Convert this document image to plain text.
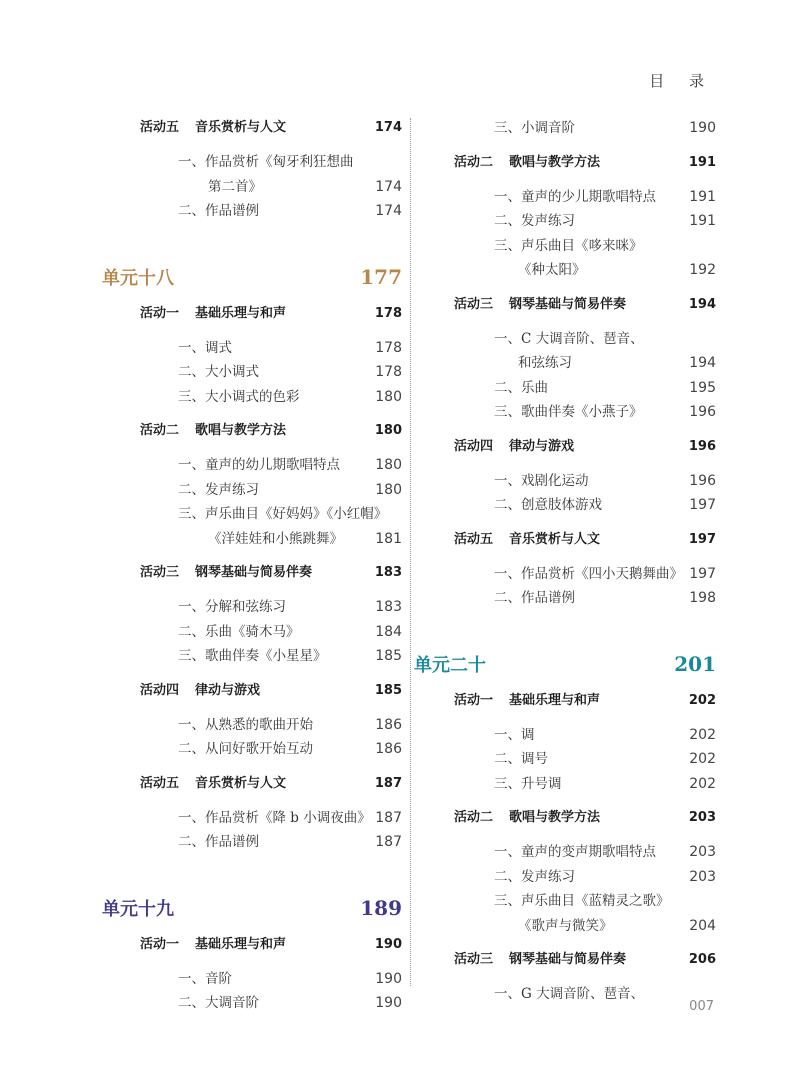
目 录
活动五 音乐赏析与人文	174
一、作品赏析《匈牙利狂想曲
第二首》	174
二、作品谱例	174
单元十八	177
活动一 基础乐理与和声	178
一、调式	178
二、大小调式	178
三、大小调式的色彩	180
活动二 歌唱与教学方法	180
一、童声的幼儿期歌唱特点	180
二、发声练习	180
三、声乐曲目《好妈妈》《小红帽》
《洋娃娃和小熊跳舞》 181
活动三 钢琴基础与简易伴奏	183
一、分解和弦练习	183
二、乐曲《骑木马》	184
三、歌曲伴奏《小星星》	185
活动四 律动与游戏	185
一、从熟悉的歌曲开始	186
二、从问好歌开始互动	186
活动五 音乐赏析与人文	187
一、作品赏析《降 b 小调夜曲》 187
二、作品谱例	187
单元十九	189
活动一 基础乐理与和声	190
一、音阶	190
二、大调音阶	190
三、小调音阶	190
活动二 歌唱与教学方法	191
一、童声的少儿期歌唱特点 191
二、发声练习	191
三、声乐曲目《哆来咪》
《种太阳》	192
活动三 钢琴基础与简易伴奏	194
一、C 大调音阶、琶音、
和弦练习	194
二、乐曲	195
三、歌曲伴奏《小燕子》	196
活动四 律动与游戏	196
一、戏剧化运动	196
二、创意肢体游戏	197
活动五 音乐赏析与人文	197
一、作品赏析《四小天鹅舞曲》 197
二、作品谱例	198
单元二十	201
活动一 基础乐理与和声	202
一、调	202
二、调号	202
三、升号调	202
活动二 歌唱与教学方法	203
一、童声的变声期歌唱特点 203
二、发声练习	203
三、声乐曲目《蓝精灵之歌》
《歌声与微笑》	204
活动三 钢琴基础与简易伴奏	206
一、G 大调音阶、琶音、
007
